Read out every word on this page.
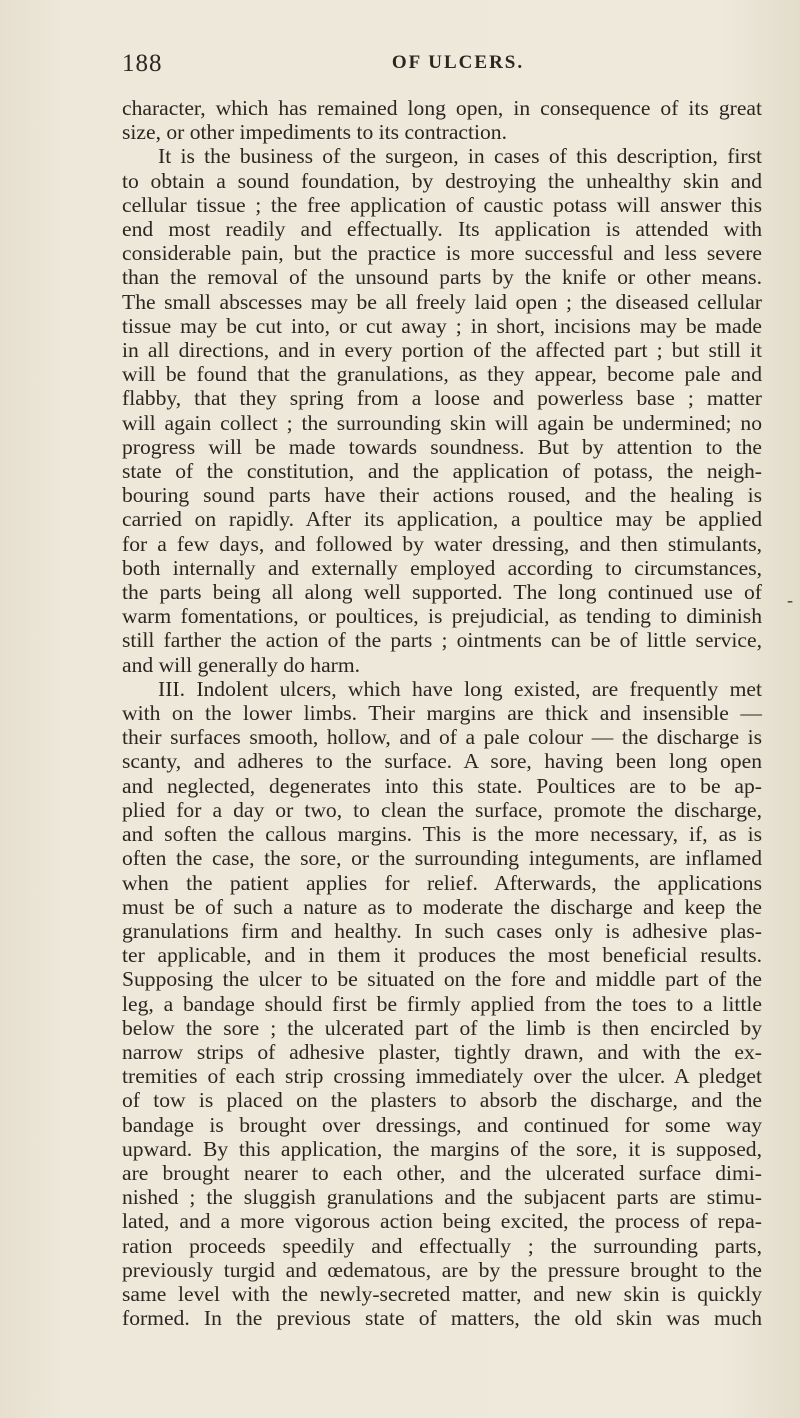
188	OF ULCERS.
character, which has remained long open, in consequence of its great
size, or other impediments to its contraction.
It is the business of the surgeon, in cases of this description, first
to obtain a sound foundation, by destroying the unhealthy skin and
cellular tissue ; the free application of caustic potass will answer this
end most readily and effectually. Its application is attended with
considerable pain, but the practice is more successful and less severe
than the removal of the unsound parts by the knife or other means.
The small abscesses may be all freely laid open ; the diseased cellular
tissue may be cut into, or cut away ; in short, incisions may be made
in all directions, and in every portion of the affected part ; but still it
will be found that the granulations, as they appear, become pale and
flabby, that they spring from a loose and powerless base ; matter
will again collect ; the surrounding skin will again be undermined; no
progress will be made towards soundness. But by attention to the
state of the constitution, and the application of potass, the neigh-
bouring sound parts have their actions roused, and the healing is
carried on rapidly. After its application, a poultice may be applied
for a few days, and followed by water dressing, and then stimulants,
both internally and externally employed according to circumstances,
the parts being all along well supported. The long continued use of
warm fomentations, or poultices, is prejudicial, as tending to diminish
still farther the action of the parts ; ointments can be of little service,
and will generally do harm.
III. Indolent ulcers, which have long existed, are frequently met
with on the lower limbs. Their margins are thick and insensible —
their surfaces smooth, hollow, and of a pale colour — the discharge is
scanty, and adheres to the surface. A sore, having been long open
and neglected, degenerates into this state. Poultices are to be ap-
plied for a day or two, to clean the surface, promote the discharge,
and soften the callous margins. This is the more necessary, if, as is
often the case, the sore, or the surrounding integuments, are inflamed
when the patient applies for relief. Afterwards, the applications
must be of such a nature as to moderate the discharge and keep the
granulations firm and healthy. In such cases only is adhesive plas-
ter applicable, and in them it produces the most beneficial results.
Supposing the ulcer to be situated on the fore and middle part of the
leg, a bandage should first be firmly applied from the toes to a little
below the sore ; the ulcerated part of the limb is then encircled by
narrow strips of adhesive plaster, tightly drawn, and with the ex-
tremities of each strip crossing immediately over the ulcer. A pledget
of tow is placed on the plasters to absorb the discharge, and the
bandage is brought over dressings, and continued for some way
upward. By this application, the margins of the sore, it is supposed,
are brought nearer to each other, and the ulcerated surface dimi-
nished ; the sluggish granulations and the subjacent parts are stimu-
lated, and a more vigorous action being excited, the process of repa-
ration proceeds speedily and effectually ; the surrounding parts,
previously turgid and œdematous, are by the pressure brought to the
same level with the newly-secreted matter, and new skin is quickly
formed. In the previous state of matters, the old skin was much
-
